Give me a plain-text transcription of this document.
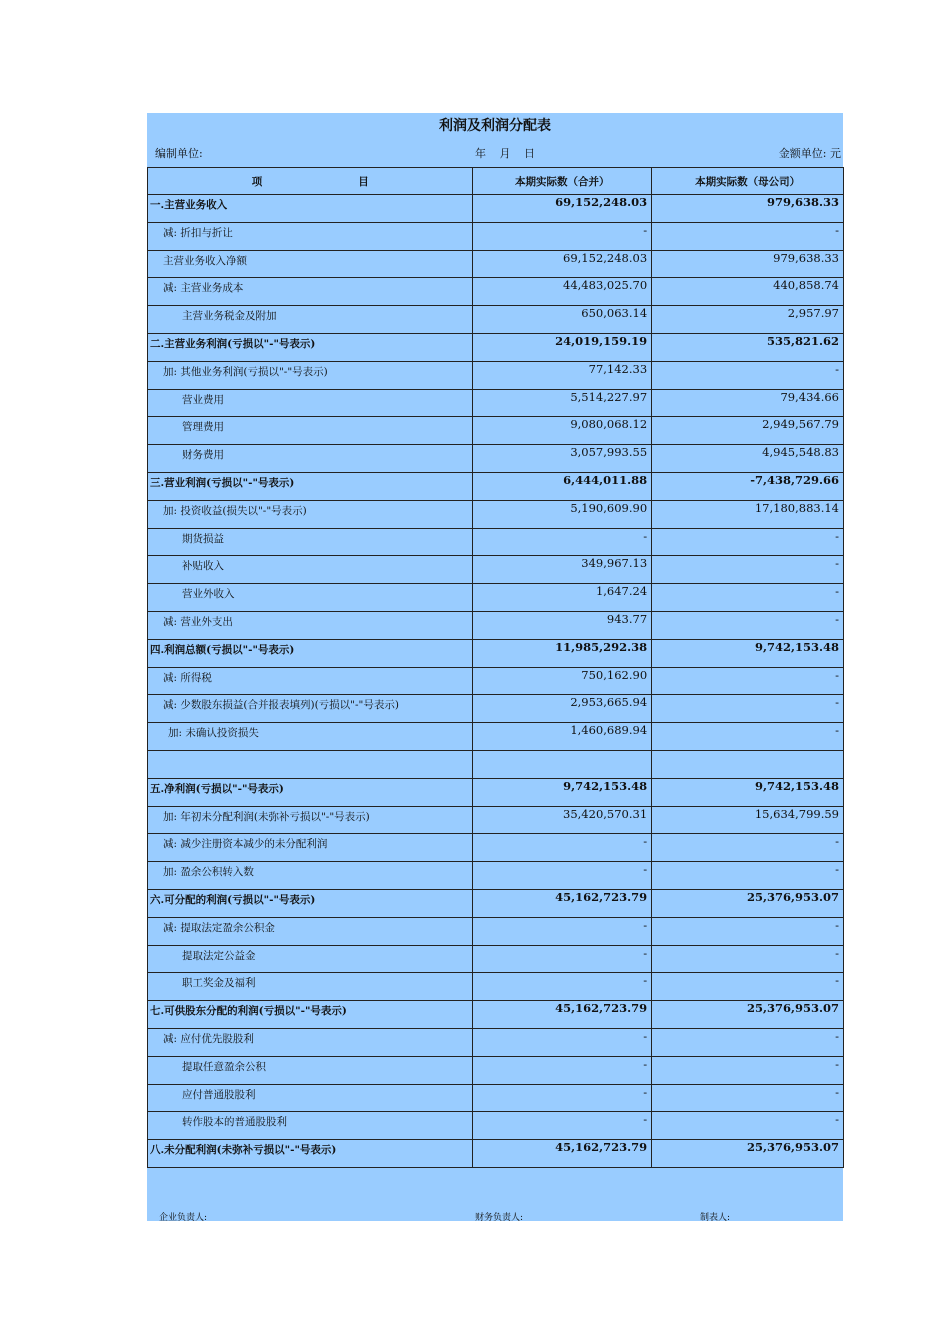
利润及利润分配表
编制单位:	年 月 日	金额单位: 元
项 目	本期实际数（合并）	本期实际数（母公司）

一.主营业务收入	69,152,248.03	979,638.33

减: 折扣与折让	-	-

主营业务收入净额	69,152,248.03	979,638.33

减: 主营业务成本	44,483,025.70	440,858.74

主营业务税金及附加	650,063.14	2,957.97

二.主营业务利润(亏损以"-"号表示)	24,019,159.19	535,821.62

加: 其他业务利润(亏损以"-"号表示)	77,142.33	-

营业费用	5,514,227.97	79,434.66

管理费用	9,080,068.12	2,949,567.79

财务费用	3,057,993.55	4,945,548.83

三.营业利润(亏损以"-"号表示)	6,444,011.88	-7,438,729.66

加: 投资收益(损失以"-"号表示)	5,190,609.90	17,180,883.14

期货损益	-	-

补贴收入	349,967.13	-

营业外收入	1,647.24	-

减: 营业外支出	943.77	-

四.利润总额(亏损以"-"号表示)	11,985,292.38	9,742,153.48

减: 所得税	750,162.90	-

减: 少数股东损益(合并报表填列)(亏损以"-"号表示)	2,953,665.94	-

加: 未确认投资损失	1,460,689.94	-

五.净利润(亏损以"-"号表示)	9,742,153.48	9,742,153.48

加: 年初未分配利润(未弥补亏损以"-"号表示)	35,420,570.31	15,634,799.59

减: 减少注册资本减少的未分配利润	-	-

加: 盈余公积转入数	-	-

六.可分配的利润(亏损以"-"号表示)	45,162,723.79	25,376,953.07

减: 提取法定盈余公积金	-	-

提取法定公益金	-	-

职工奖金及福利	-	-

七.可供股东分配的利润(亏损以"-"号表示)	45,162,723.79	25,376,953.07

减: 应付优先股股利	-	-

提取任意盈余公积	-	-

应付普通股股利	-	-

转作股本的普通股股利	-	-

八.未分配利润(未弥补亏损以"-"号表示)	45,162,723.79	25,376,953.07
企业负责人:	财务负责人:	制表人:
